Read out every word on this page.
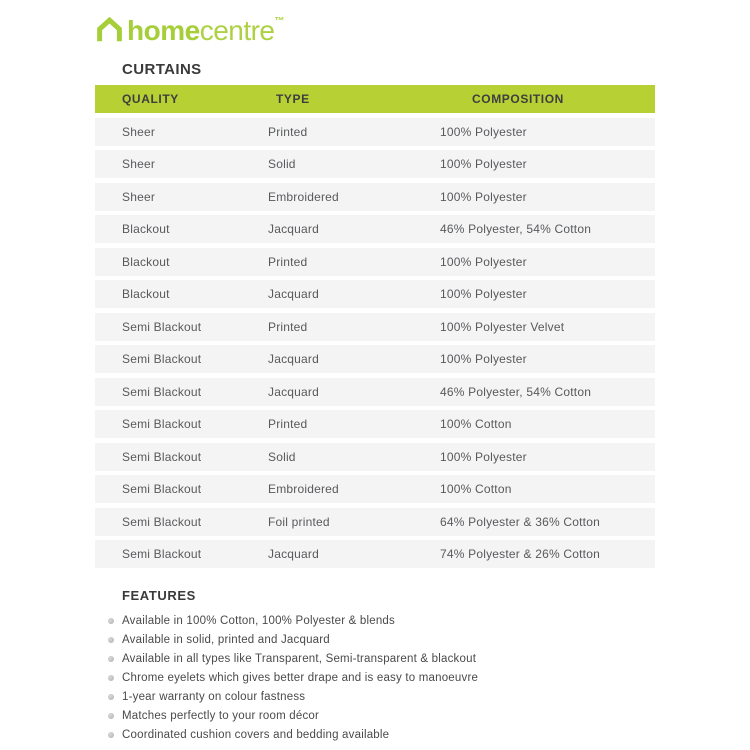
home centre ™
CURTAINS
QUALITY	TYPE	COMPOSITION
Sheer	Printed	100% Polyester
Sheer	Solid	100% Polyester
Sheer	Embroidered	100% Polyester
Blackout	Jacquard	46% Polyester, 54% Cotton
Blackout	Printed	100% Polyester
Blackout	Jacquard	100% Polyester
Semi Blackout	Printed	100% Polyester Velvet
Semi Blackout	Jacquard	100% Polyester
Semi Blackout	Jacquard	46% Polyester, 54% Cotton
Semi Blackout	Printed	100% Cotton
Semi Blackout	Solid	100% Polyester
Semi Blackout	Embroidered	100% Cotton
Semi Blackout	Foil printed	64% Polyester & 36% Cotton
Semi Blackout	Jacquard	74% Polyester & 26% Cotton
FEATURES
Available in 100% Cotton, 100% Polyester & blends
Available in solid, printed and Jacquard
Available in all types like Transparent, Semi-transparent & blackout
Chrome eyelets which gives better drape and is easy to manoeuvre
1-year warranty on colour fastness
Matches perfectly to your room décor
Coordinated cushion covers and bedding available
